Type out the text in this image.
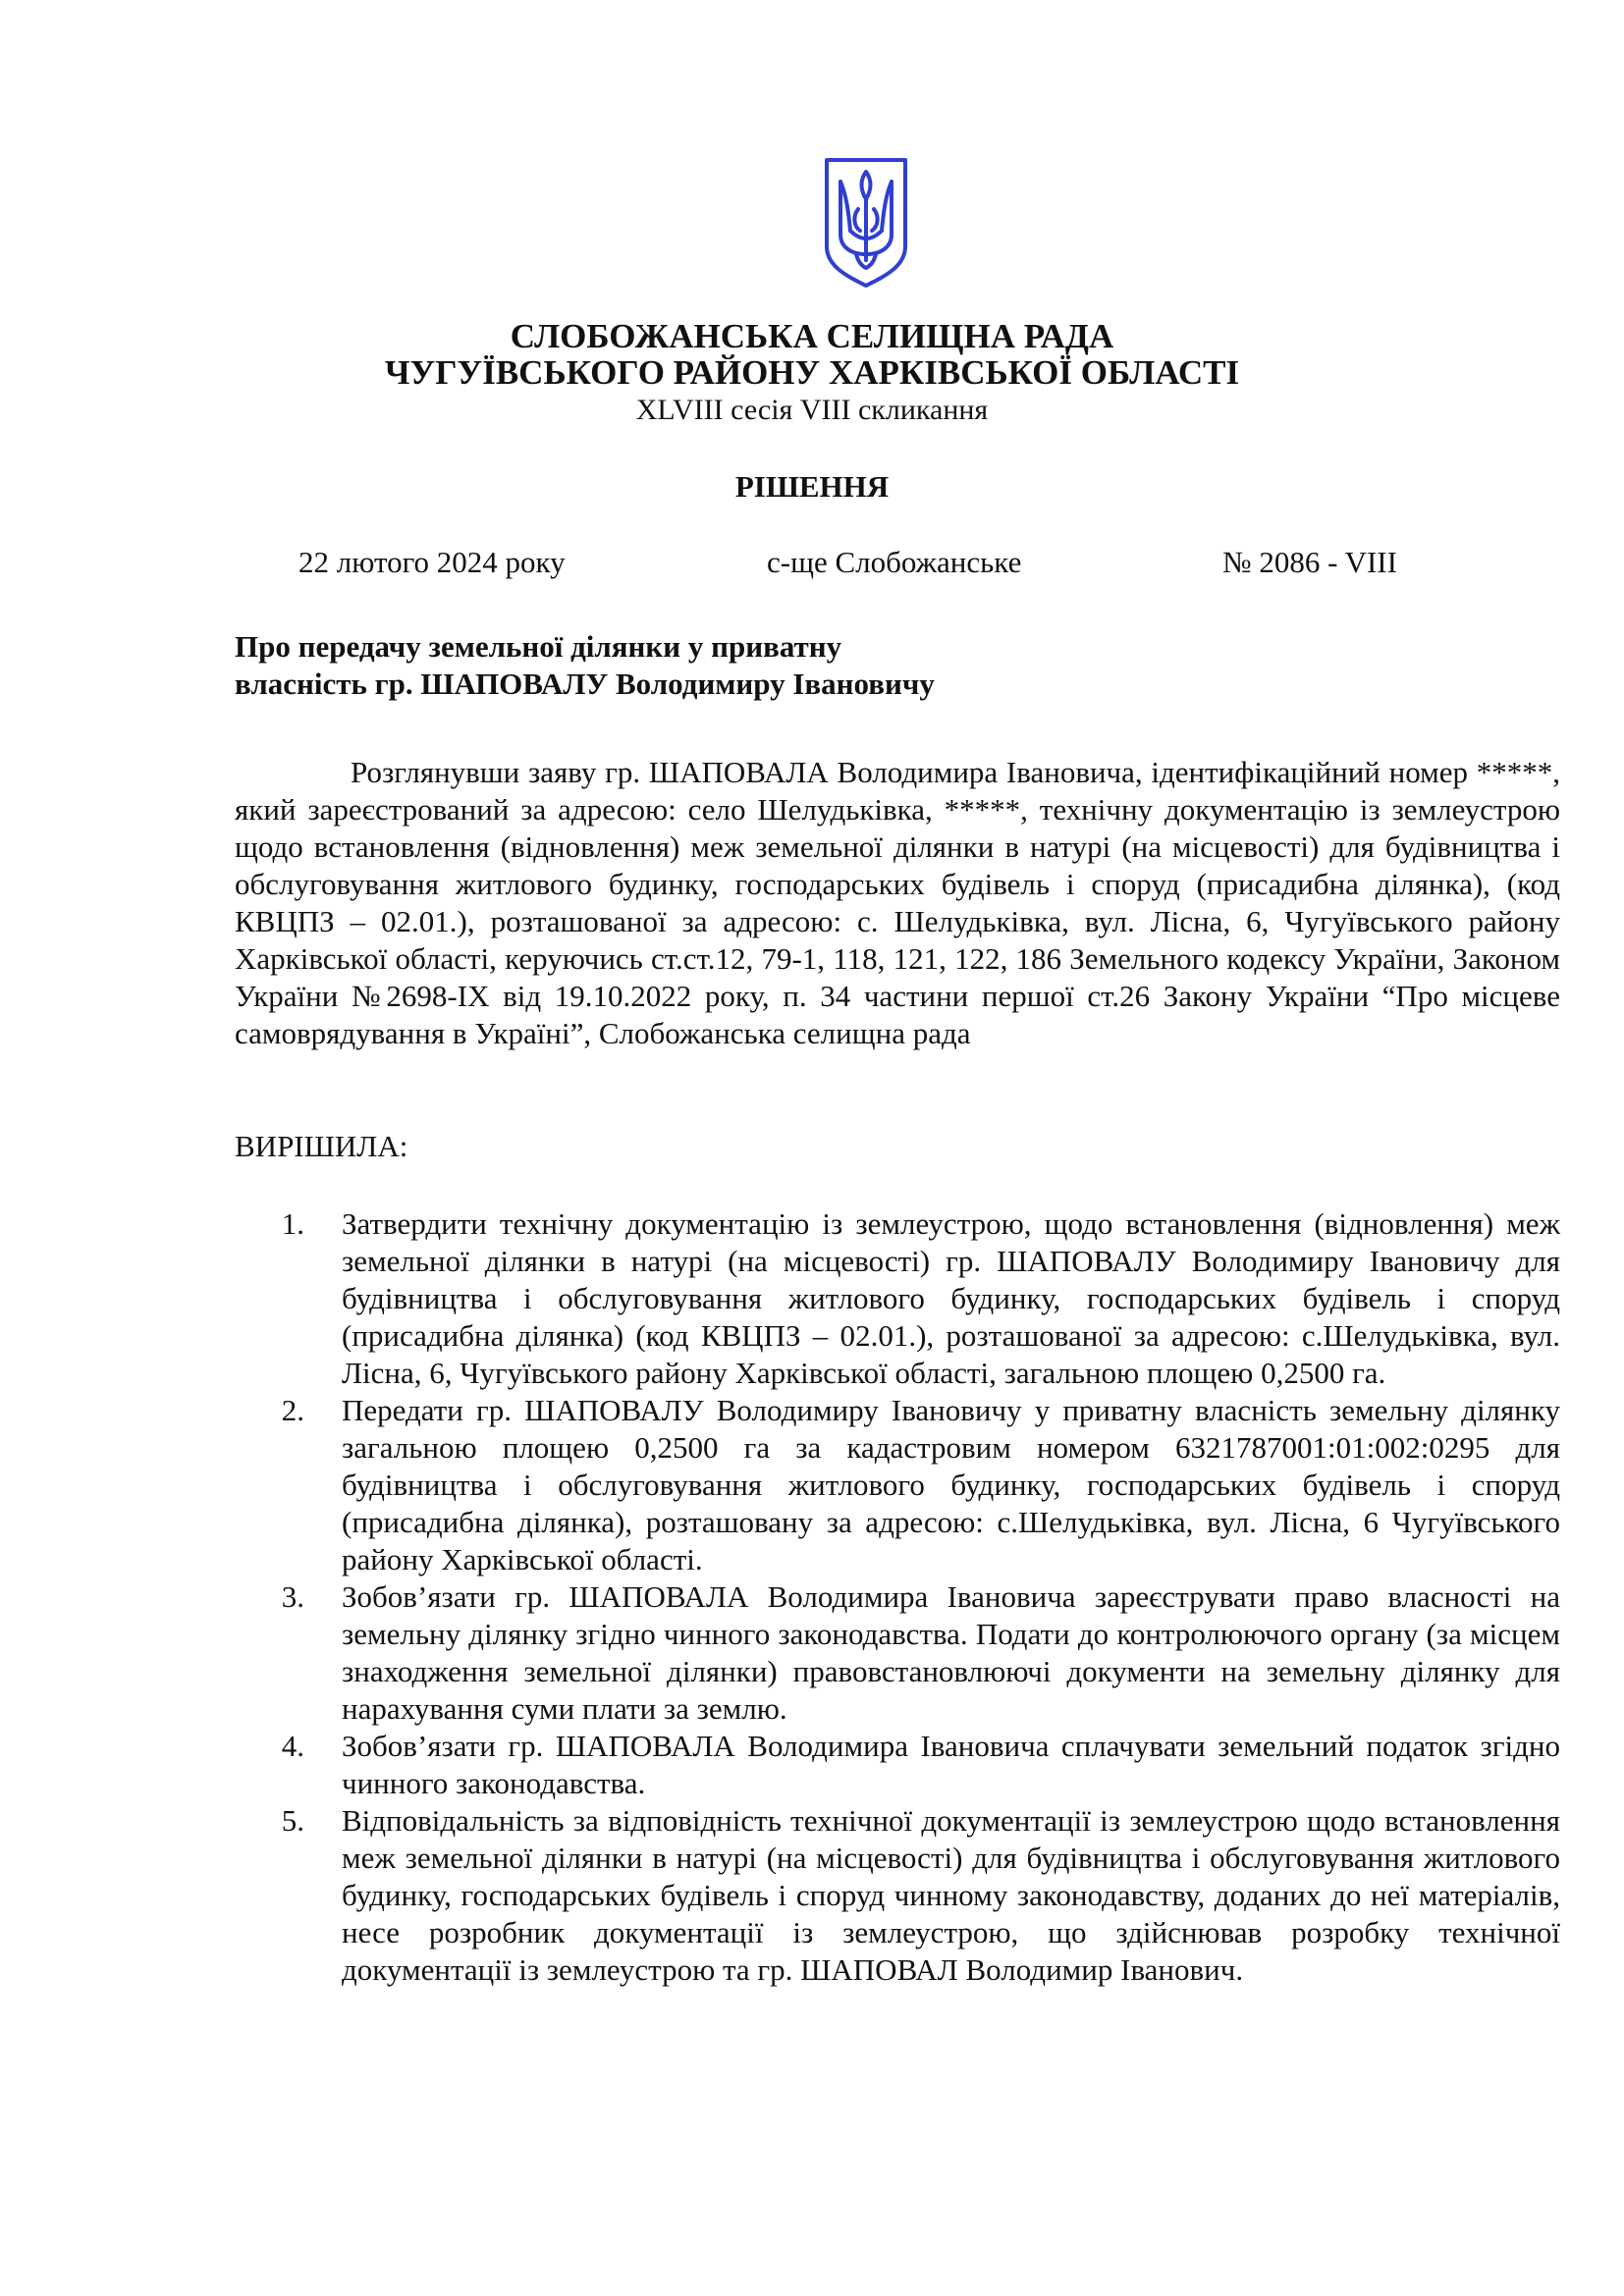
СЛОБОЖАНСЬКА СЕЛИЩНА РАДА
ЧУГУЇВСЬКОГО РАЙОНУ ХАРКІВСЬКОЇ ОБЛАСТІ
XLVIII сесія VIII скликання
РІШЕННЯ
22 лютого 2024 року	с-ще Слобожанське	№ 2086 - VIII
Про передачу земельної ділянки у приватну
власність гр. ШАПОВАЛУ Володимиру Івановичу
Розглянувши заяву гр. ШАПОВАЛА Володимира Івановича, ідентифікаційний номер *****, який зареєстрований за адресою: село Шелудьківка, *****, технічну документацію із землеустрою щодо встановлення (відновлення) меж земельної ділянки в натурі (на місцевості) для будівництва і обслуговування житлового будинку, господарських будівель і споруд (присадибна ділянка), (код КВЦПЗ – 02.01.), розташованої за адресою: с. Шелудьківка, вул. Лісна, 6, Чугуївського району Харківської області, керуючись ст.ст.12, 79-1, 118, 121, 122, 186 Земельного кодексу України, Законом України №2698-IX від 19.10.2022 року, п. 34 частини першої ст.26 Закону України “Про місцеве самоврядування в Україні”, Слобожанська селищна рада
ВИРІШИЛА:
1.	Затвердити технічну документацію із землеустрою, щодо встановлення (відновлення) меж земельної ділянки в натурі (на місцевості) гр. ШАПОВАЛУ Володимиру Івановичу для будівництва і обслуговування житлового будинку, господарських будівель і споруд (присадибна ділянка) (код КВЦПЗ – 02.01.), розташованої за адресою: с.Шелудьківка, вул. Лісна, 6, Чугуївського району Харківської області, загальною площею 0,2500 га.
2.	Передати гр. ШАПОВАЛУ Володимиру Івановичу у приватну власність земельну ділянку загальною площею 0,2500 га за кадастровим номером 6321787001:01:002:0295 для будівництва і обслуговування житлового будинку, господарських будівель і споруд (присадибна ділянка), розташовану за адресою: с.Шелудьківка, вул. Лісна, 6 Чугуївського району Харківської області.
3.	Зобов’язати гр. ШАПОВАЛА Володимира Івановича зареєструвати право власності на земельну ділянку згідно чинного законодавства. Подати до контролюючого органу (за місцем знаходження земельної ділянки) правовстановлюючі документи на земельну ділянку для нарахування суми плати за землю.
4.	Зобов’язати гр. ШАПОВАЛА Володимира Івановича сплачувати земельний податок згідно чинного законодавства.
5.	Відповідальність за відповідність технічної документації із землеустрою щодо встановлення меж земельної ділянки в натурі (на місцевості) для будівництва і обслуговування житлового будинку, господарських будівель і споруд чинному законодавству, доданих до неї матеріалів, несе розробник документації із землеустрою, що здійснював розробку технічної документації із землеустрою та гр. ШАПОВАЛ Володимир Іванович.
